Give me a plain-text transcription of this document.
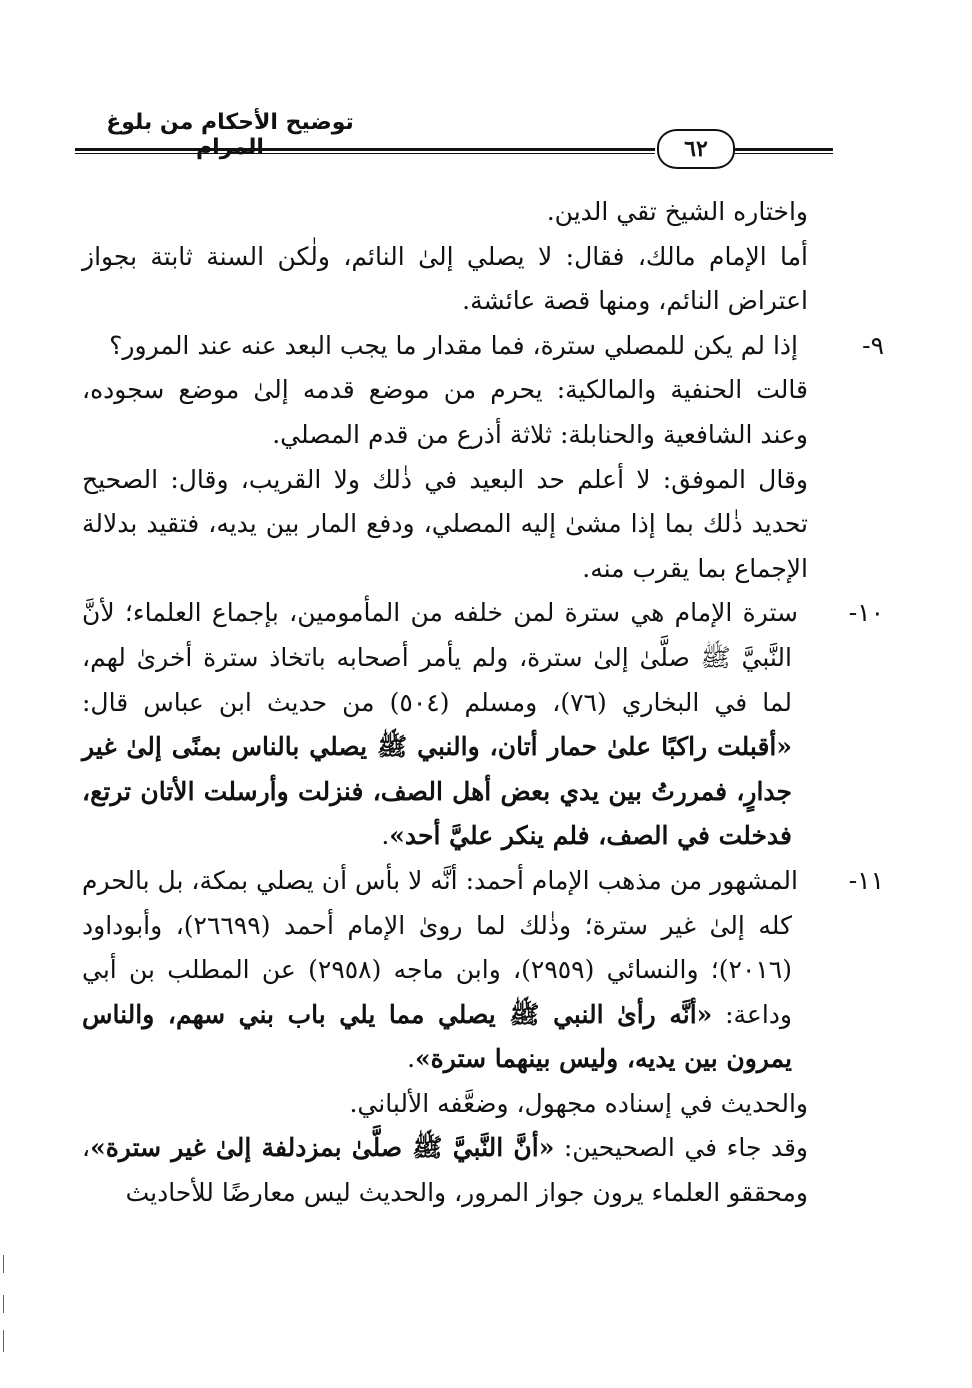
توضيح الأحكام من بلوغ المرام	٦٢

واختاره الشيخ تقي الدين.

أما الإمام مالك، فقال: لا يصلي إلىٰ النائم، ولٰكن السنة ثابتة بجواز اعتراض النائم، ومنها قصة عائشة.

٩-إذا لم يكن للمصلي سترة، فما مقدار ما يجب البعد عنه عند المرور؟

قالت الحنفية والمالكية: يحرم من موضع قدمه إلىٰ موضع سجوده، وعند الشافعية والحنابلة: ثلاثة أذرع من قدم المصلي.

وقال الموفق: لا أعلم حد البعيد في ذٰلك ولا القريب، وقال: الصحيح تحديد ذٰلك بما إذا مشىٰ إليه المصلي، ودفع المار بين يديه، فتقيد بدلالة الإجماع بما يقرب منه.

١٠-سترة الإمام هي سترة لمن خلفه من المأمومين، بإجماع العلماء؛ لأنَّ النَّبيَّ ﷺ صلَّىٰ إلىٰ سترة، ولم يأمر أصحابه باتخاذ سترة أخرىٰ لهم، لما في البخاري (٧٦)، ومسلم (٥٠٤) من حديث ابن عباس قال: «أقبلت راكبًا علىٰ حمار أتان، والنبي ﷺ يصلي بالناس بمنًى إلىٰ غير جدارٍ، فمررتُ بين يدي بعض أهل الصف، فنزلت وأرسلت الأتان ترتع، فدخلت في الصف، فلم ينكر عليَّ أحد».

١١-المشهور من مذهب الإمام أحمد: أنَّه لا بأس أن يصلي بمكة، بل بالحرم كله إلىٰ غير سترة؛ وذٰلك لما روىٰ الإمام أحمد (٢٦٦٩٩)، وأبوداود (٢٠١٦)؛ والنسائي (٢٩٥٩)، وابن ماجه (٢٩٥٨) عن المطلب بن أبي وداعة: «أنَّه رأىٰ النبي ﷺ يصلي مما يلي باب بني سهم، والناس يمرون بين يديه، وليس بينهما سترة».

والحديث في إسناده مجهول، وضعَّفه الألباني.

وقد جاء في الصحيحين: «أنَّ النَّبيَّ ﷺ صلَّىٰ بمزدلفة إلىٰ غير سترة»، ومحققو العلماء يرون جواز المرور، والحديث ليس معارضًا للأحاديث
